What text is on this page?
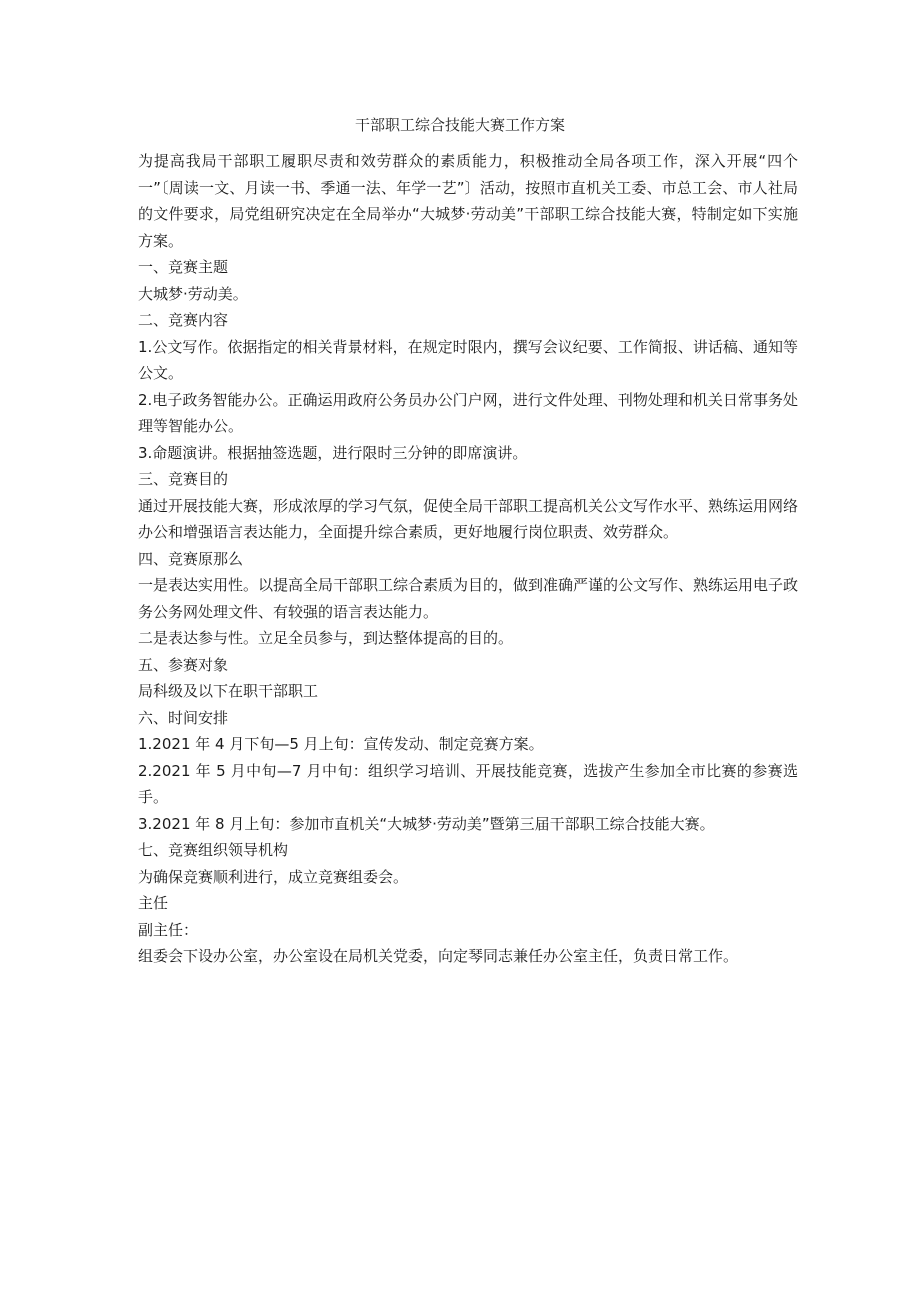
干部职工综合技能大赛工作方案

为提高我局干部职工履职尽责和效劳群众的素质能力，积极推动全局各项工作，深入开展“四个一”〔周读一文、月读一书、季通一法、年学一艺”〕活动，按照市直机关工委、市总工会、市人社局的文件要求，局党组研究决定在全局举办“大城梦·劳动美”干部职工综合技能大赛，特制定如下实施方案。

一、竞赛主题

大城梦·劳动美。

二、竞赛内容

1.公文写作。依据指定的相关背景材料，在规定时限内，撰写会议纪要、工作简报、讲话稿、通知等公文。

2.电子政务智能办公。正确运用政府公务员办公门户网，进行文件处理、刊物处理和机关日常事务处理等智能办公。

3.命题演讲。根据抽签选题，进行限时三分钟的即席演讲。

三、竞赛目的

通过开展技能大赛，形成浓厚的学习气氛，促使全局干部职工提高机关公文写作水平、熟练运用网络办公和增强语言表达能力，全面提升综合素质，更好地履行岗位职责、效劳群众。

四、竞赛原那么

一是表达实用性。以提高全局干部职工综合素质为目的，做到准确严谨的公文写作、熟练运用电子政务公务网处理文件、有较强的语言表达能力。

二是表达参与性。立足全员参与，到达整体提高的目的。

五、参赛对象

局科级及以下在职干部职工

六、时间安排

1.2021 年 4 月下旬—5 月上旬：宣传发动、制定竞赛方案。

2.2021 年 5 月中旬—7 月中旬：组织学习培训、开展技能竞赛，选拔产生参加全市比赛的参赛选手。

3.2021 年 8 月上旬：参加市直机关“大城梦·劳动美”暨第三届干部职工综合技能大赛。

七、竞赛组织领导机构

为确保竞赛顺利进行，成立竞赛组委会。

主任

副主任：

组委会下设办公室，办公室设在局机关党委，向定琴同志兼任办公室主任，负责日常工作。
